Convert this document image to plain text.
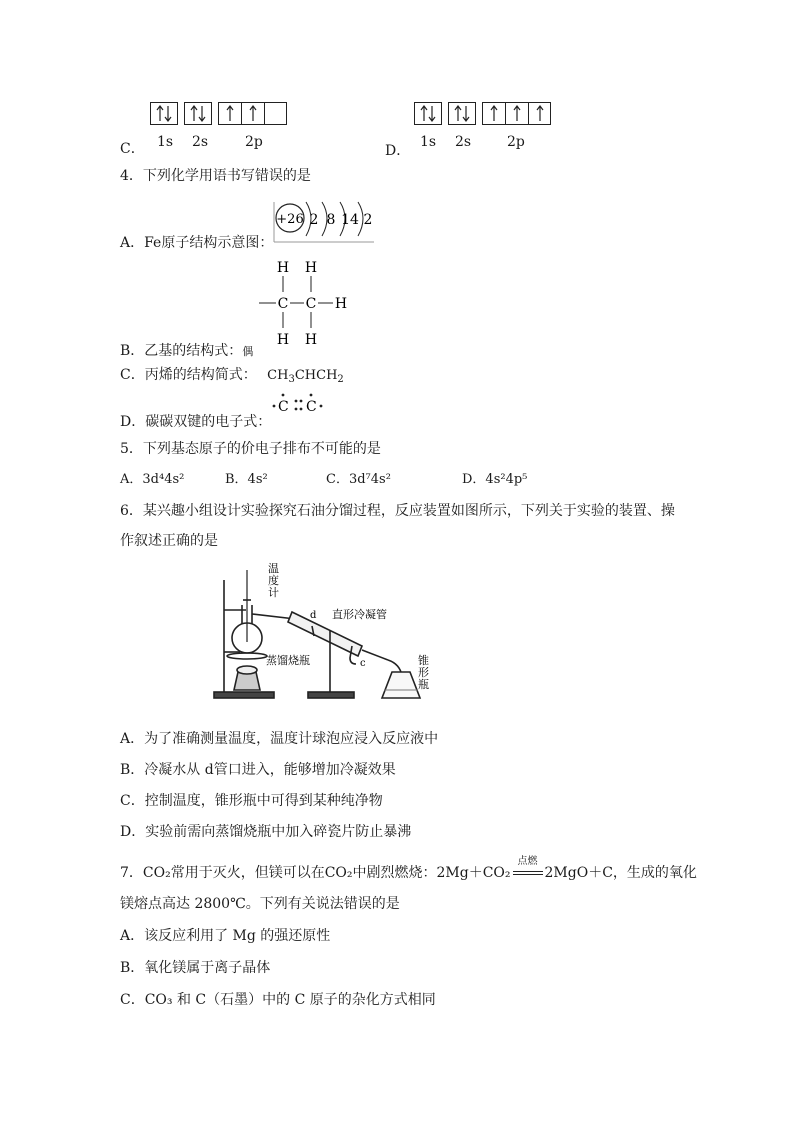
C． 1s 2s	2p
D．
1s 2s	2p
4．下列化学用语书写错误的是
A．Fe原子结构示意图：
+26 2 8 14 2
H H
C C H
H H
B．乙基的结构式：偶
C．丙烯的结构简式： $CH_3CHCH_2$
D．碳碳双键的电子式：
C C
5．下列基态原子的价电子排布不可能的是
A．3d⁴4s²	B．4s²	C．3d⁷4s²	D．4s²4p⁵
6．某兴趣小组设计实验探究石油分馏过程，反应装置如图所示，下列关于实验的装置、操
作叙述正确的是
温
度
计
直形冷凝管
d
c
蒸馏烧瓶	锥
形
瓶
A．为了准确测量温度，温度计球泡应浸入反应液中
B．冷凝水从 d管口进入，能够增加冷凝效果
C．控制温度，锥形瓶中可得到某种纯净物
D．实验前需向蒸馏烧瓶中加入碎瓷片防止暴沸
7．CO₂常用于灭火，但镁可以在CO₂中剧烈燃烧：2Mg＋CO₂
点燃
2MgO＋C，生成的氧化
镁熔点高达 2800℃。下列有关说法错误的是
A．该反应利用了 Mg 的强还原性
B．氧化镁属于离子晶体
C．CO₃ 和 C（石墨）中的 C 原子的杂化方式相同
